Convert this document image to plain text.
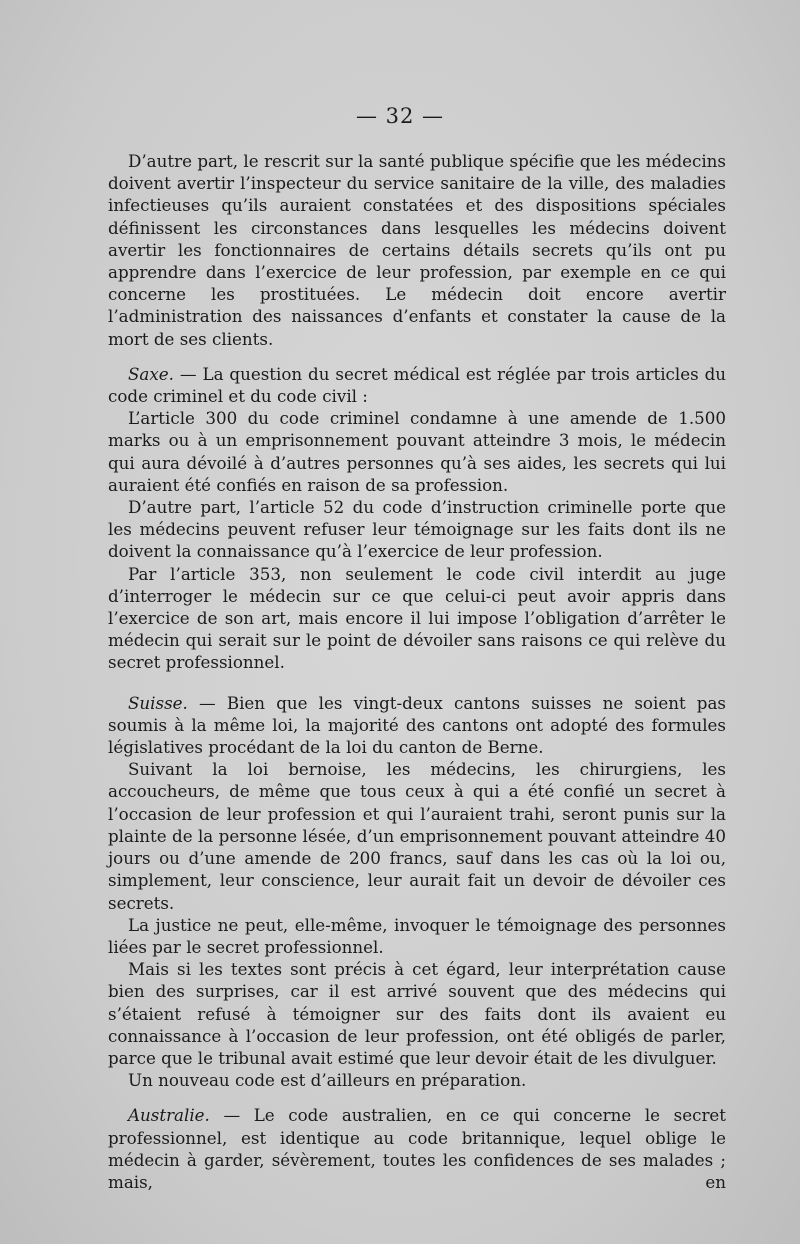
— 32 —

D’autre part, le rescrit sur la santé publique spécifie que les médecins doivent avertir l’inspecteur du service sanitaire de la ville, des maladies infectieuses qu’ils auraient constatées et des dispositions spéciales définissent les circonstances dans lesquelles les médecins doivent avertir les fonctionnaires de certains détails secrets qu’ils ont pu apprendre dans l’exercice de leur profession, par exemple en ce qui concerne les prostituées. Le médecin doit encore avertir l’administration des naissances d’enfants et constater la cause de la mort de ses clients.

Saxe. — La question du secret médical est réglée par trois articles du code criminel et du code civil :

L’article 300 du code criminel condamne à une amende de 1.500 marks ou à un emprisonnement pouvant atteindre 3 mois, le médecin qui aura dévoilé à d’autres personnes qu’à ses aides, les secrets qui lui auraient été confiés en raison de sa profession.

D’autre part, l’article 52 du code d’instruction criminelle porte que les médecins peuvent refuser leur témoignage sur les faits dont ils ne doivent la connaissance qu’à l’exercice de leur profession.

Par l’article 353, non seulement le code civil interdit au juge d’interroger le médecin sur ce que celui-ci peut avoir appris dans l’exercice de son art, mais encore il lui impose l’obligation d’arrêter le médecin qui serait sur le point de dévoiler sans raisons ce qui relève du secret professionnel.

Suisse. — Bien que les vingt-deux cantons suisses ne soient pas soumis à la même loi, la majorité des cantons ont adopté des formules législatives procédant de la loi du canton de Berne.

Suivant la loi bernoise, les médecins, les chirurgiens, les accoucheurs, de même que tous ceux à qui a été confié un secret à l’occasion de leur profession et qui l’auraient trahi, seront punis sur la plainte de la personne lésée, d’un emprisonnement pouvant atteindre 40 jours ou d’une amende de 200 francs, sauf dans les cas où la loi ou, simplement, leur conscience, leur aurait fait un devoir de dévoiler ces secrets.

La justice ne peut, elle-même, invoquer le témoignage des personnes liées par le secret professionnel.

Mais si les textes sont précis à cet égard, leur interprétation cause bien des surprises, car il est arrivé souvent que des médecins qui s’étaient refusé à témoigner sur des faits dont ils avaient eu connaissance à l’occasion de leur profession, ont été obligés de parler, parce que le tribunal avait estimé que leur devoir était de les divulguer.

Un nouveau code est d’ailleurs en préparation.

Australie. — Le code australien, en ce qui concerne le secret professionnel, est identique au code britannique, lequel oblige le médecin à garder, sévèrement, toutes les confidences de ses malades ; mais, en
